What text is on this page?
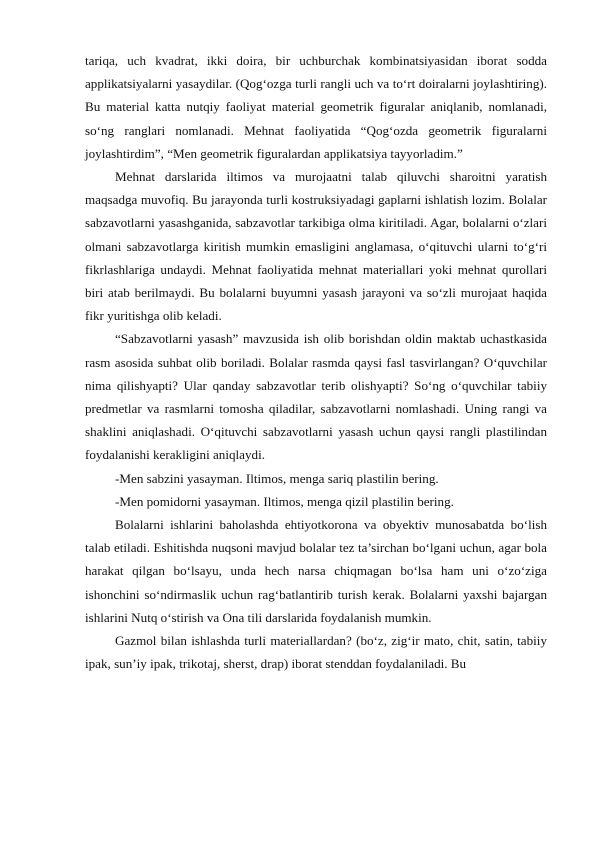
tariqa, uch kvadrat, ikki doira, bir uchburchak kombinatsiyasidan iborat sodda applikatsiyalarni yasaydilar. (Qog‘ozga turli rangli uch va to‘rt doiralarni joylashtiring). Bu material katta nutqiy faoliyat material geometrik figuralar aniqlanib, nomlanadi, so‘ng ranglari nomlanadi. Mehnat faoliyatida “Qog‘ozda geometrik figuralarni joylashtirdim”, “Men geometrik figuralardan applikatsiya tayyorladim.”

Mehnat darslarida iltimos va murojaatni talab qiluvchi sharoitni yaratish maqsadga muvofiq. Bu jarayonda turli kostruksiyadagi gaplarni ishlatish lozim. Bolalar sabzavotlarni yasashganida, sabzavotlar tarkibiga olma kiritiladi. Agar, bolalarni o‘zlari olmani sabzavotlarga kiritish mumkin emasligini anglamasa, o‘qituvchi ularni to‘g‘ri fikrlashlariga undaydi. Mehnat faoliyatida mehnat materiallari yoki mehnat qurollari biri atab berilmaydi. Bu bolalarni buyumni yasash jarayoni va so‘zli murojaat haqida fikr yuritishga olib keladi.

“Sabzavotlarni yasash” mavzusida ish olib borishdan oldin maktab uchastkasida rasm asosida suhbat olib boriladi. Bolalar rasmda qaysi fasl tasvirlangan? O‘quvchilar nima qilishyapti? Ular qanday sabzavotlar terib olishyapti? So‘ng o‘quvchilar tabiiy predmetlar va rasmlarni tomosha qiladilar, sabzavotlarni nomlashadi. Uning rangi va shaklini aniqlashadi. O‘qituvchi sabzavotlarni yasash uchun qaysi rangli plastilindan foydalanishi kerakligini aniqlaydi.

-Men sabzini yasayman. Iltimos, menga sariq plastilin bering.

-Men pomidorni yasayman. Iltimos, menga qizil plastilin bering.

Bolalarni ishlarini baholashda ehtiyotkorona va obyektiv munosabatda bo‘lish talab etiladi. Eshitishda nuqsoni mavjud bolalar tez ta’sirchan bo‘lgani uchun, agar bola harakat qilgan bo‘lsayu, unda hech narsa chiqmagan bo‘lsa ham uni o‘zo‘ziga ishonchini so‘ndirmaslik uchun rag‘batlantirib turish kerak. Bolalarni yaxshi bajargan ishlarini Nutq o‘stirish va Ona tili darslarida foydalanish mumkin.

Gazmol bilan ishlashda turli materiallardan? (bo‘z, zig‘ir mato, chit, satin, tabiiy ipak, sun’iy ipak, trikotaj, sherst, drap) iborat stenddan foydalaniladi. Bu
